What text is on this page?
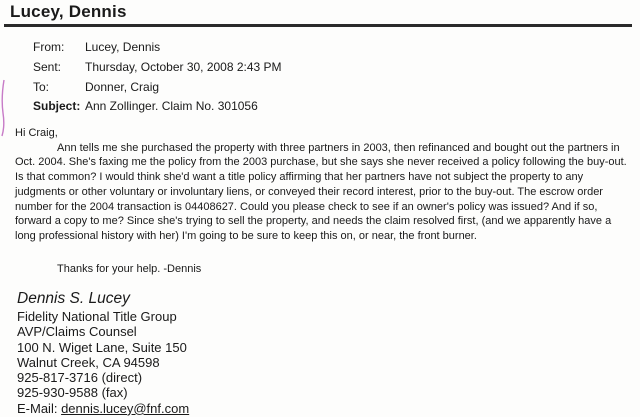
Lucey, Dennis
From:	Lucey, Dennis
Sent:	Thursday, October 30, 2008 2:43 PM
To:	Donner, Craig
Subject: Ann Zollinger. Claim No. 301056

Hi Craig,

Ann tells me she purchased the property with three partners in 2003, then refinanced and bought out the partners in Oct. 2004. She's faxing me the policy from the 2003 purchase, but she says she never received a policy following the buy-out. Is that common? I would think she'd want a title policy affirming that her partners have not subject the property to any judgments or other voluntary or involuntary liens, or conveyed their record interest, prior to the buy-out. The escrow order number for the 2004 transaction is 04408627. Could you please check to see if an owner's policy was issued? And if so, forward a copy to me? Since she's trying to sell the property, and needs the claim resolved first, (and we apparently have a long professional history with her) I'm going to be sure to keep this on, or near, the front burner.

Thanks for your help. -Dennis
Dennis S. Lucey
Fidelity National Title Group
AVP/Claims Counsel
100 N. Wiget Lane, Suite 150
Walnut Creek, CA 94598
925-817-3716 (direct)
925-930-9588 (fax)
E-Mail: dennis.lucey@fnf.com
